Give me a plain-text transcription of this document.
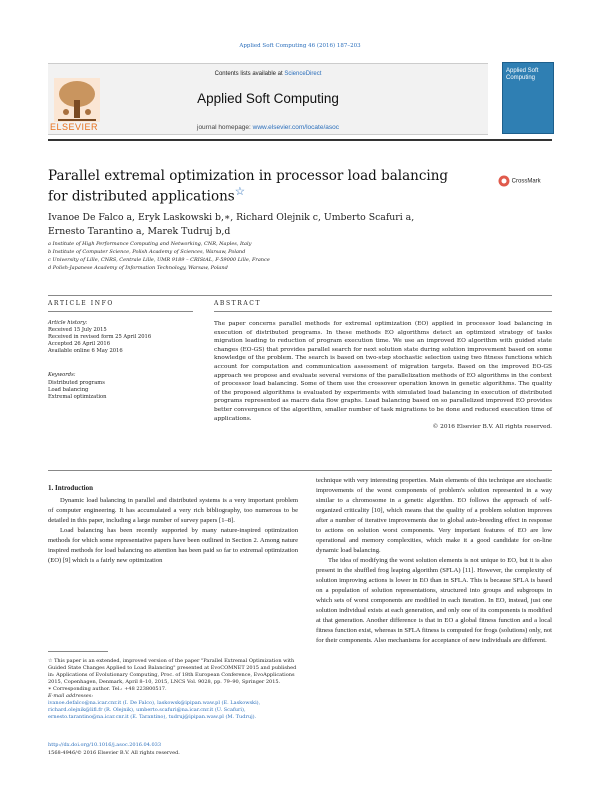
Applied Soft Computing 46 (2016) 187–203
Contents lists available at ScienceDirect
Applied Soft Computing
journal homepage: www.elsevier.com/locate/asoc
ELSEVIER
Applied Soft Computing
Parallel extremal optimization in processor load balancing for distributed applications☆
CrossMark
Ivanoe De Falco a, Eryk Laskowski b,∗, Richard Olejnik c, Umberto Scafuri a,
Ernesto Tarantino a, Marek Tudruj b,d
a Institute of High Performance Computing and Networking, CNR, Naples, Italy
b Institute of Computer Science, Polish Academy of Sciences, Warsaw, Poland
c University of Lille, CNRS, Centrale Lille, UMR 9189 – CRIStAL, F-59000 Lille, France
d Polish-Japanese Academy of Information Technology, Warsaw, Poland
ARTICLE INFO	ABSTRACT
Article history:
Received 15 July 2015
Received in revised form 25 April 2016
Accepted 26 April 2016
Available online 6 May 2016
Keywords:
Distributed programs
Load balancing
Extremal optimization
The paper concerns parallel methods for extremal optimization (EO) applied in processor load balancing in execution of distributed programs. In these methods EO algorithms detect an optimized strategy of tasks migration leading to reduction of program execution time. We use an improved EO algorithm with guided state changes (EO-GS) that provides parallel search for next solution state during solution improvement based on some knowledge of the problem. The search is based on two-step stochastic selection using two fitness functions which account for computation and communication assessment of migration targets. Based on the improved EO-GS approach we propose and evaluate several versions of the parallelization methods of EO algorithms in the context of processor load balancing. Some of them use the crossover operation known in genetic algorithms. The quality of the proposed algorithms is evaluated by experiments with simulated load balancing in execution of distributed programs represented as macro data flow graphs. Load balancing based on so parallelized improved EO provides better convergence of the algorithm, smaller number of task migrations to be done and reduced execution time of applications.
© 2016 Elsevier B.V. All rights reserved.
1. Introduction

Dynamic load balancing in parallel and distributed systems is a very important problem of computer engineering. It has accumulated a very rich bibliography, too numerous to be detailed in this paper, including a large number of survey papers [1–8].

Load balancing has been recently supported by many nature-inspired optimization methods for which some representative papers have been outlined in Section 2. Among nature inspired methods for load balancing no attention has been paid so far to extremal optimization (EO) [9] which is a fairly new optimization

technique with very interesting properties. Main elements of this technique are stochastic improvements of the worst components of problem's solution represented in a way similar to a chromosome in a genetic algorithm. EO follows the approach of self-organized criticality [10], which means that the quality of a problem solution improves after a number of iterative improvements due to global auto-breeding effect in response to actions on solution worst components. Very important features of EO are low operational and memory complexities, which make it a good candidate for on-line dynamic load balancing.

The idea of modifying the worst solution elements is not unique to EO, but it is also present in the shuffled frog leaping algorithm (SFLA) [11]. However, the complexity of solution improving actions is lower in EO than in SFLA. This is because SFLA is based on a population of solution representations, structured into groups and subgroups in which sets of worst components are modified in each iteration. In EO, instead, just one solution individual exists at each generation, and only one of its components is modified at that generation. Another difference is that in EO a global fitness function and a local fitness function exist, whereas in SFLA fitness is computed for frogs (solutions) only, not for their components. Also mechanisms for acceptance of new individuals are different.

☆ This paper is an extended, improved version of the paper "Parallel Extremal Optimization with Guided State Changes Applied to Load Balancing" presented at EvoCOMNET 2015 and published in: Applications of Evolutionary Computing, Proc. of 18th European Conference, EvoApplications 2015, Copenhagen, Denmark, April 8–10, 2015, LNCS Vol. 9028, pp. 79–90, Springer 2015.
∗ Corresponding author. Tel.: +48 223800517.
E-mail addresses:
ivanoe.defalco@na.icar.cnr.it (I. De Falco), laskowsk@ipipan.waw.pl (E. Laskowski), richard.olejnik@lifl.fr (R. Olejnik), umberto.scafuri@na.icar.cnr.it (U. Scafuri), ernesto.tarantino@na.icar.cnr.it (E. Tarantino), tudruj@ipipan.waw.pl (M. Tudruj).
http://dx.doi.org/10.1016/j.asoc.2016.04.033
1568-4946/© 2016 Elsevier B.V. All rights reserved.
